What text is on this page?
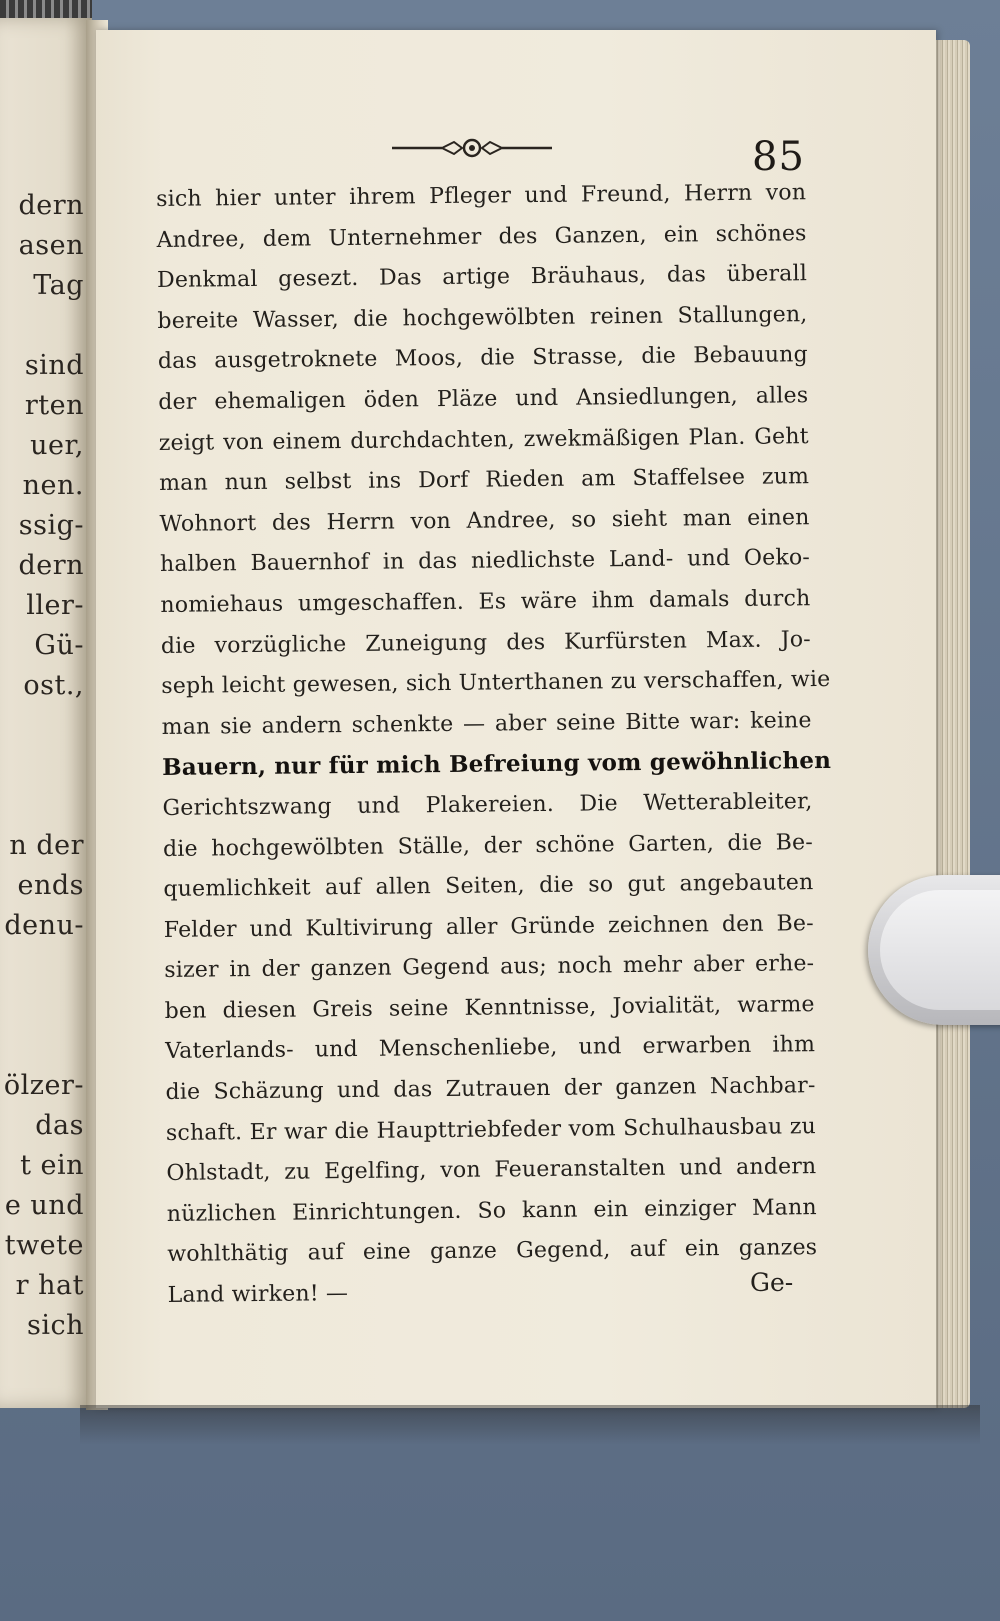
dern
asen
Tag
sind
rten
uer,
nen.
ssig-
dern
ller-
Gü-
ost.,
n der
ends
denu-
ölzer-
das
t ein
e und
twete
r hat
sich
85
sich hier unter ihrem Pfleger und Freund, Herrn von
Andree, dem Unternehmer des Ganzen, ein schönes
Denkmal gesezt. Das artige Bräuhaus, das überall
bereite Wasser, die hochgewölbten reinen Stallungen,
das ausgetroknete Moos, die Strasse, die Bebauung
der ehemaligen öden Pläze und Ansiedlungen, alles
zeigt von einem durchdachten, zwekmäßigen Plan. Geht
man nun selbst ins Dorf Rieden am Staffelsee zum
Wohnort des Herrn von Andree, so sieht man einen
halben Bauernhof in das niedlichste Land- und Oeko-
nomiehaus umgeschaffen. Es wäre ihm damals durch
die vorzügliche Zuneigung des Kurfürsten Max. Jo-
seph leicht gewesen, sich Unterthanen zu verschaffen, wie
man sie andern schenkte — aber seine Bitte war: keine
Bauern, nur für mich Befreiung vom gewöhnlichen
Gerichtszwang und Plakereien. Die Wetterableiter,
die hochgewölbten Ställe, der schöne Garten, die Be-
quemlichkeit auf allen Seiten, die so gut angebauten
Felder und Kultivirung aller Gründe zeichnen den Be-
sizer in der ganzen Gegend aus; noch mehr aber erhe-
ben diesen Greis seine Kenntnisse, Jovialität, warme
Vaterlands- und Menschenliebe, und erwarben ihm
die Schäzung und das Zutrauen der ganzen Nachbar-
schaft. Er war die Haupttriebfeder vom Schulhausbau zu
Ohlstadt, zu Egelfing, von Feueranstalten und andern
nüzlichen Einrichtungen. So kann ein einziger Mann
wohlthätig auf eine ganze Gegend, auf ein ganzes
Land wirken! —	Ge-
